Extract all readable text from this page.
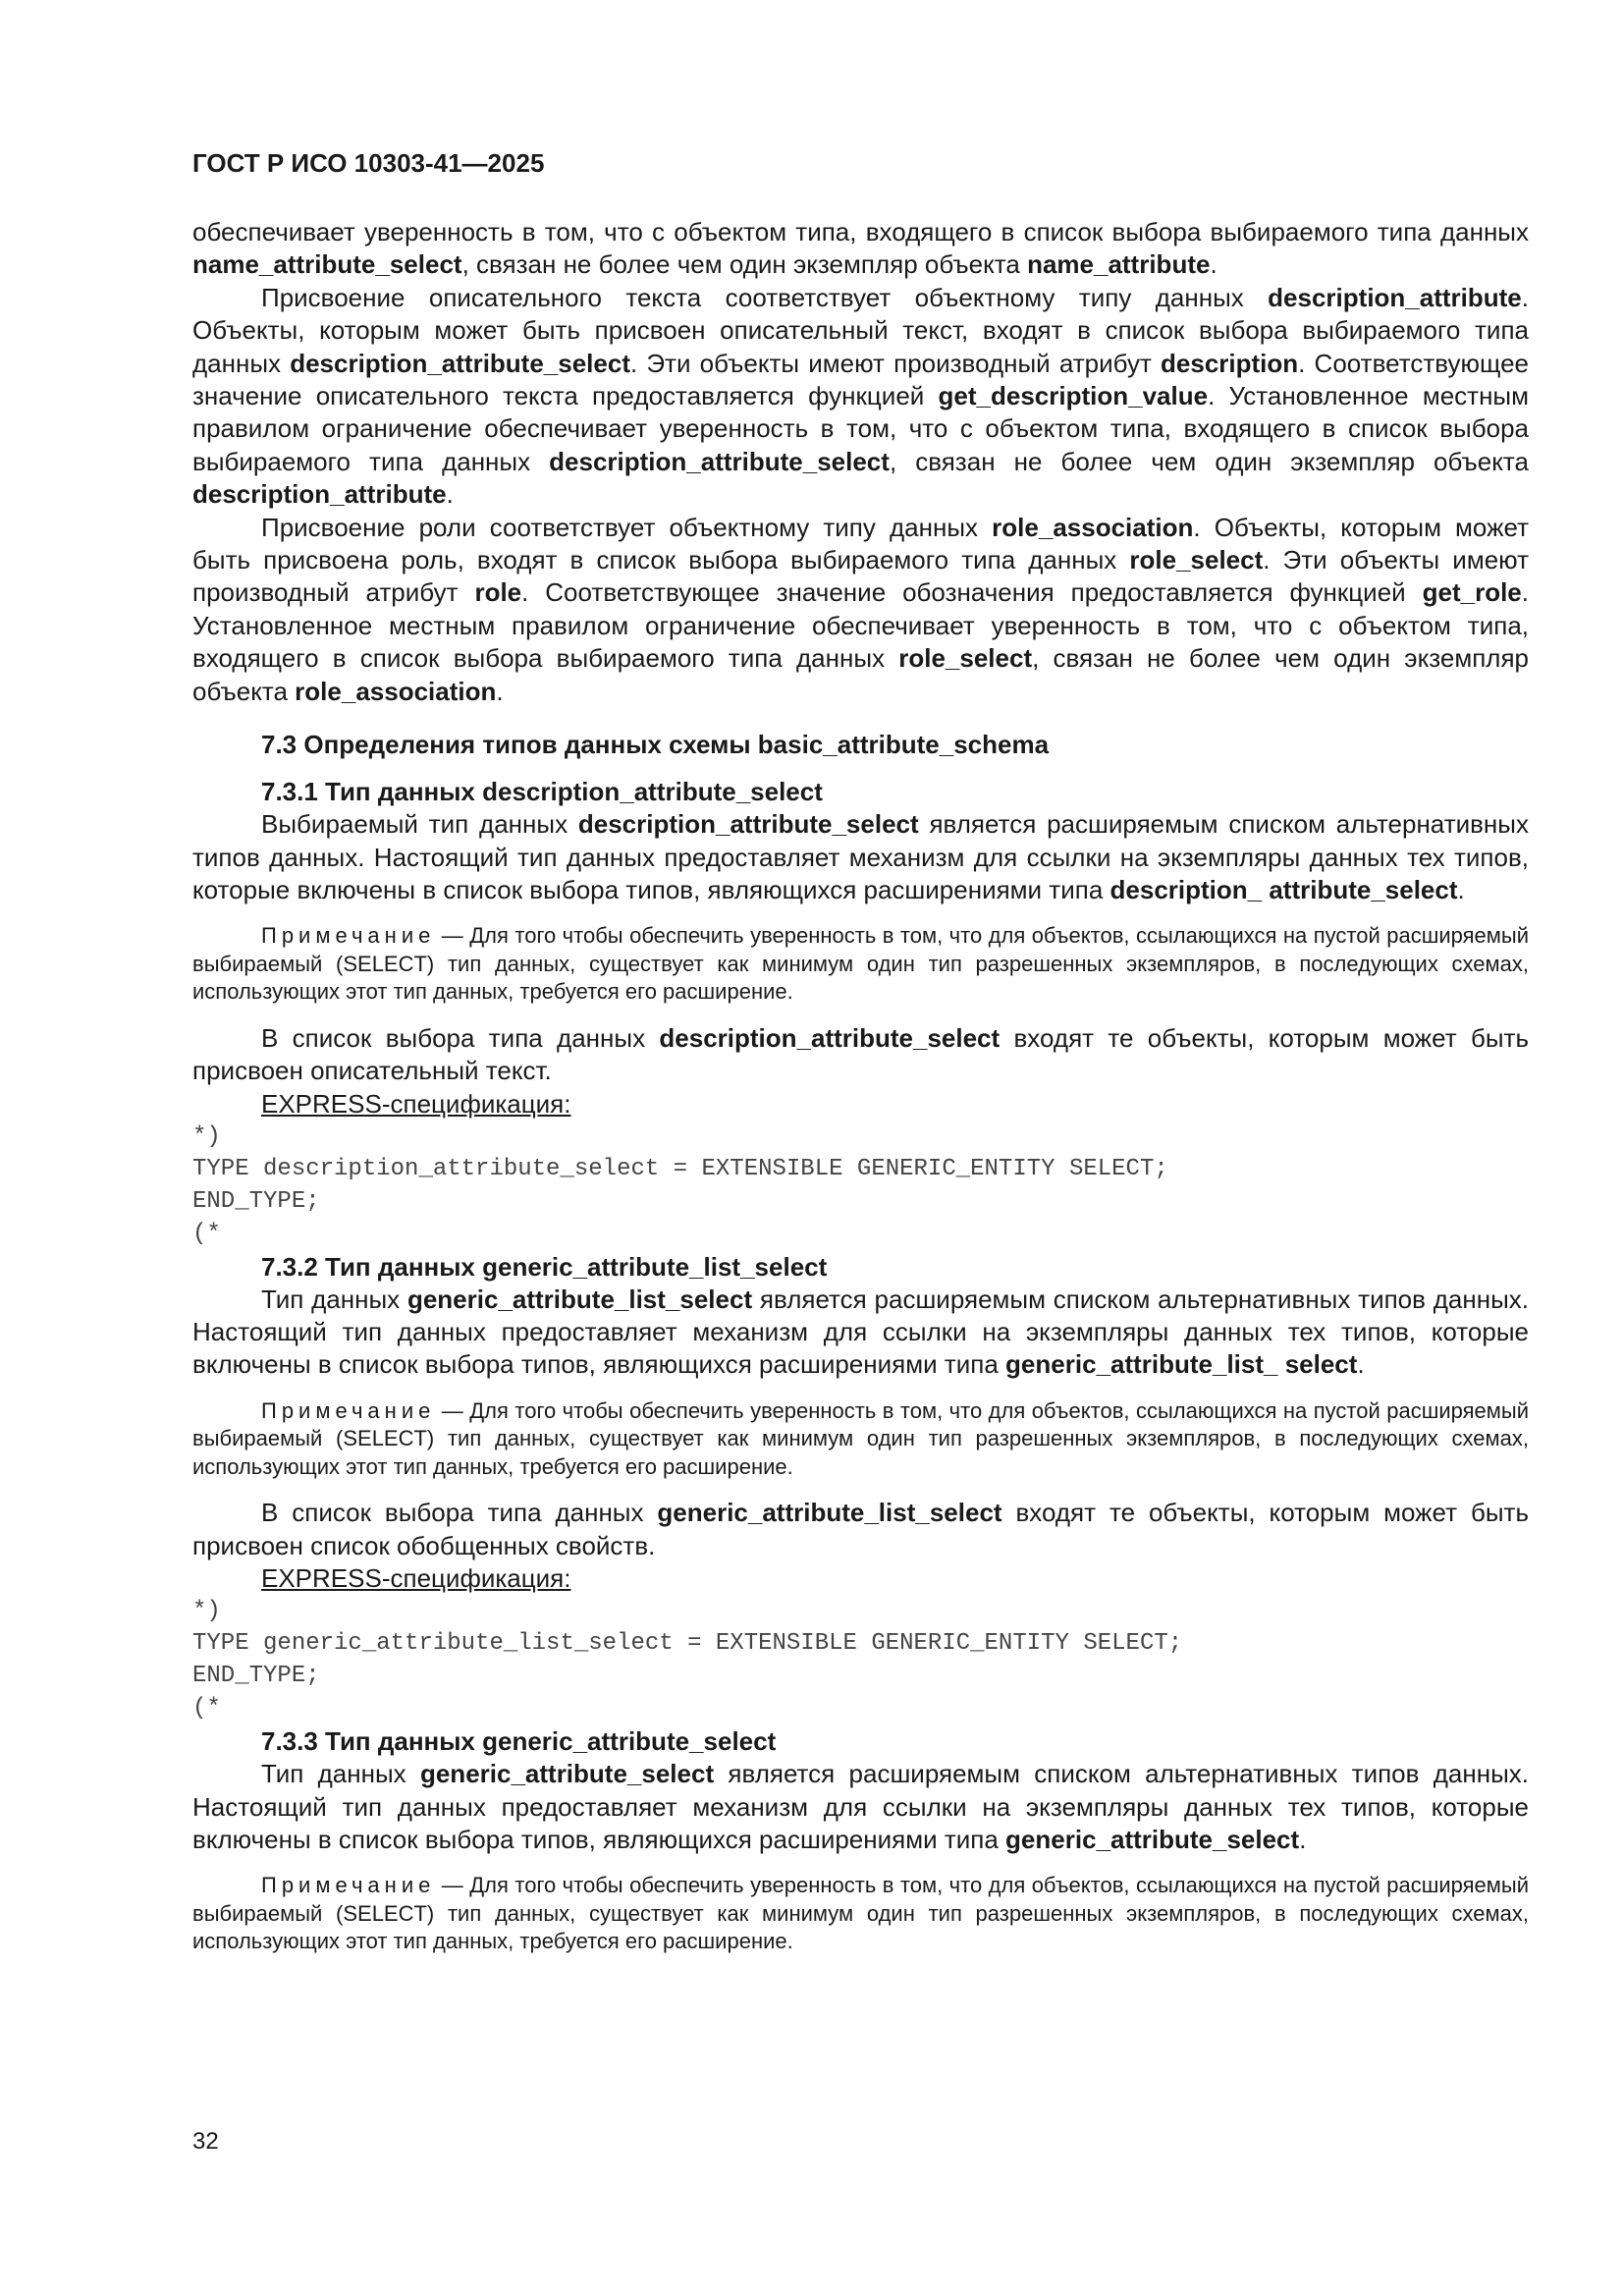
ГОСТ Р ИСО 10303-41—2025

обеспечивает уверенность в том, что с объектом типа, входящего в список выбора выбираемого типа данных name_attribute_select, связан не более чем один экземпляр объекта name_attribute.

Присвоение описательного текста соответствует объектному типу данных description_attribute. Объекты, которым может быть присвоен описательный текст, входят в список выбора выбираемого типа данных description_attribute_select. Эти объекты имеют производный атрибут description. Соответствующее значение описательного текста предоставляется функцией get_description_value. Установленное местным правилом ограничение обеспечивает уверенность в том, что с объектом типа, входящего в список выбора выбираемого типа данных description_attribute_select, связан не более чем один экземпляр объекта description_attribute.

Присвоение роли соответствует объектному типу данных role_association. Объекты, которым может быть присвоена роль, входят в список выбора выбираемого типа данных role_select. Эти объекты имеют производный атрибут role. Соответствующее значение обозначения предоставляется функцией get_role. Установленное местным правилом ограничение обеспечивает уверенность в том, что с объектом типа, входящего в список выбора выбираемого типа данных role_select, связан не более чем один экземпляр объекта role_association.

7.3 Определения типов данных схемы basic_attribute_schema
7.3.1 Тип данных description_attribute_select

Выбираемый тип данных description_attribute_select является расширяемым списком альтернативных типов данных. Настоящий тип данных предоставляет механизм для ссылки на экземпляры данных тех типов, которые включены в список выбора типов, являющихся расширениями типа description_ attribute_select.

Примечание — Для того чтобы обеспечить уверенность в том, что для объектов, ссылающихся на пустой расширяемый выбираемый (SELECT) тип данных, существует как минимум один тип разрешенных экземпляров, в последующих схемах, использующих этот тип данных, требуется его расширение.

В список выбора типа данных description_attribute_select входят те объекты, которым может быть присвоен описательный текст.

EXPRESS-спецификация:
*)
TYPE description_attribute_select = EXTENSIBLE GENERIC_ENTITY SELECT;
END_TYPE;
(*
7.3.2 Тип данных generic_attribute_list_select

Тип данных generic_attribute_list_select является расширяемым списком альтернативных типов данных. Настоящий тип данных предоставляет механизм для ссылки на экземпляры данных тех типов, которые включены в список выбора типов, являющихся расширениями типа generic_attribute_list_ select.

Примечание — Для того чтобы обеспечить уверенность в том, что для объектов, ссылающихся на пустой расширяемый выбираемый (SELECT) тип данных, существует как минимум один тип разрешенных экземпляров, в последующих схемах, использующих этот тип данных, требуется его расширение.

В список выбора типа данных generic_attribute_list_select входят те объекты, которым может быть присвоен список обобщенных свойств.

EXPRESS-спецификация:
*)
TYPE generic_attribute_list_select = EXTENSIBLE GENERIC_ENTITY SELECT;
END_TYPE;
(*
7.3.3 Тип данных generic_attribute_select

Тип данных generic_attribute_select является расширяемым списком альтернативных типов данных. Настоящий тип данных предоставляет механизм для ссылки на экземпляры данных тех типов, которые включены в список выбора типов, являющихся расширениями типа generic_attribute_select.

Примечание — Для того чтобы обеспечить уверенность в том, что для объектов, ссылающихся на пустой расширяемый выбираемый (SELECT) тип данных, существует как минимум один тип разрешенных экземпляров, в последующих схемах, использующих этот тип данных, требуется его расширение.
32
